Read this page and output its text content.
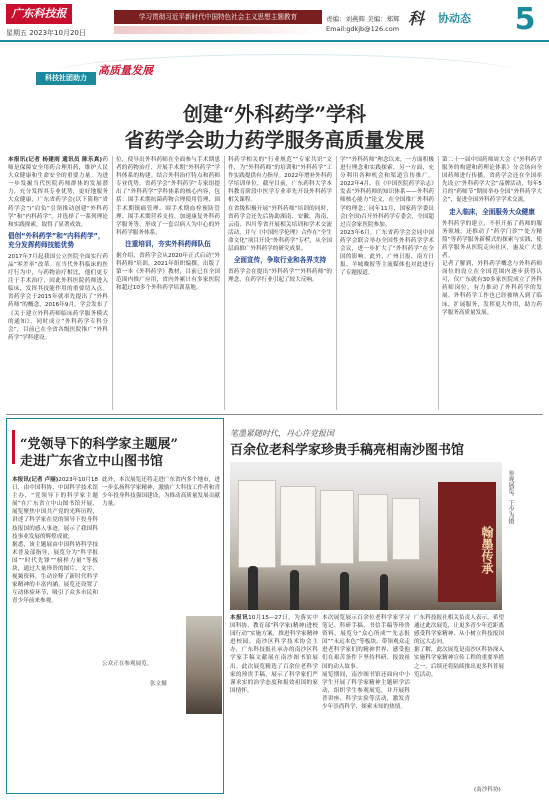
广东科技报
星期五 2023年10月20日
学习贯彻习近平新时代中国特色社会主义思想主题教育	责编：刘燕辉 美编：郑辉
Email:gdkjb@126.com
科 协动态	5
科技社团助力
高质量发展
创建“外科药学”学科
省药学会助力药学服务高质量发展

本报讯(记者 杨建雨 通讯员 陈乐真)药师是保障安全用药合理用药，维护人民大众健康和生命安全的重要力量。为进一步发掘当代医院药师群体的发展潜力，充分发挥其专业优势，更好地服务大众健康，广东省药学会(以下简称“省药学会”)“肩负”引领推动创建“外科药学”和“内科药学”，并选择了一系列理论和实践探索，取得了显著成效。

倡创“外科药学”和“内科药学”，充分发挥药师技能优势

2017年7月起我国公立医院全面实行药品“零差率”改革。在当代外科临床的医疗行为中，与药物治疗相比，他们更专注于手术治疗，因此外科医院药师进入临床，发挥其技能作用的重要切入点。省药学会于2015年就率先提出了“外科药师”的概念，2016年9月，学会发布了《关于建立外科药师临床药学服务模式的通知》，同时成立“外科药学专科分会”，目前已在全省各级医院推广“外科药学”学科建设。

位，使导出外科药师在全面参与手术期患者的药物治疗、开展手术期“外科药学”学科体系的构建。结合外科治疗特点和药师专业优势，省药学会“外科药学”专家组提出了“外科药学”学科体系的核心内容，包括：围手术期抗菌药物合理使用管理、围手术期镇痛管理、围手术期血栓预防管理、围手术期营养支持、加速康复外科药学服务等，形成了一套以病人为中心的外科药学服务体系。

注重培训，夯实外科药师队伍

据介绍，省药学会从2020年正式启动“外科药师”培训，2021年组织编撰，出版了第一本《外科药学》教材，目前已在全国范围内推广应用，省内外累计有多家医院和超过10多个外科药学培训基地。

科药学相关的“行业规范”“专家共识”文件，为“外科药师”的培训和“外科药学”工作实践提供有力指导。2022年增补外科药学培训单位，截至目前，广东药科大学本科教育阶段中医学专业率先开设外科药学相关课程。

在省级积极开展“外科药师”培训的同时，省药学会还先后协助湖南、安徽、海南、云南、四川等省开展相关培训和学术交流活动，并与《中国医学伦理》合作在“全生命文化”项目开设“外科药学”专栏，从全国层面推广外科药学的研究成果。

全面宣传，争取行业和各界支持

省药学会在提出“外科药学”“外科药师”的理念，在药学行业引起了较大反响。

学”“外科药师”理念以来，一方面积极进行理念和实践探索，另一方面，充分利用各种机会和渠道宣传推广。2022年4月，在《中国医院药学杂志》发表“外科药师的知识体系——外科药师核心能力”论文，在全国推广外科药学的理念；同年11月，国家药学委员会(全国)召开外科药学专委会，全国超过百余家医院参加。

2023年6月，广东省药学会会同中国药学会联合举办全国性外科药学学术会议，进一步扩大了“外科药学”在全国的影响。此外，广州日报、南方日报、羊城晚报等主流媒体也对此进行了专题报道。

第二十一届中国药师周大会《“外科药学服务的构建和药理论体系》分会场向全国药师进行传播。省药学会还在全国率先设立“外科药学大会”品牌活动，每年5月的“药师节”期间举办全国“外科药学大会”，促进全国外科药学学术交流。

走入临床，全面服务大众健康

外科药学的建立，不但开拓了药师的服务领域，还推动了“药学门诊”“处方精简”等药学服务新模式的探索与实践，使药学服务从医院走向社区，惠及广大患者。

记者了解到，外科药学概念与外科药师岗位的设立在全国范围内逐步获得认可，仅广东就有30多家医院成立了外科药师岗位，有力推动了外科药学的发展。外科药学工作也已经被纳入到了临床、扩展服务，发挥更大作用，助力药学服务高质量发展。

“党领导下的科学家主题展”
走进广东省立中山图书馆

本报讯(记者 卢丽)2023年10月18日，由中国科协、中国科学技术馆主办，“党领导下的科学家主题展”在广东省立中山图书馆开展，展览聚焦中国共产党的光辉历程，讲述了科学家在党的领导下投身科技报国的感人事迹，展示了我国科技事业发展的辉煌成就。

据悉，该主题展由中国科协科学技术普及部指导，展览分为“科学报国”“时代先锋”“榜样力量”等板块，通过大量珍贵的图片、文字、视频资料，生动诠释了新时代科学家精神的丰富内涵。展览还设置了互动体验环节，吸引了众多市民和青少年前来参观。

此外，本次展览还将走进广东省内多个地市，进一步弘扬科学家精神，激励广大科技工作者和青少年投身科技强国建设，为推动高质量发展贡献力量。

公众正在参观展览。
张文摄
笔墨紧随时代，丹心许党报国
百余位老科学家珍贵手稿亮相南沙图书馆
翰墨传承
参观展览。王少为摄

本报讯10月15—27日，为落实中国科协、教育部“科学家(精神)进校园行动”实施方案，推进科学家精神进校园，南沙区科学技术协会主办，广东科技报社承办的南沙区科学家手稿文献展在南沙图书馆展出。此次展览精选了百余位老科学家的珍贵手稿，展示了科学家们严谨求实的治学态度和报效祖国的家国情怀。

本次展览展示百余位老科学家学习笔记、科研手稿、书信手稿等珍贵资料。展览分“众心所成”“先志报国”“永远本色”等板块，带领观众走进老科学家们的精神世界，感受他们在艰苦条件下坚持科研、报效祖国的动人故事。

展览期间，南沙图书馆还面向中小学生开展了科学家精神主题研学活动，组织学生参观展览，并开展科普讲座、科学实验等活动，激发青少年崇尚科学、探索未知的热情。

广东科技报社相关负责人表示，希望通过此次展览，让更多青少年近距离感受科学家精神，从小树立科技报国的远大志向。

据了解，此次展览是南沙区科协深入实施科学家精神宣传工程的重要举措之一，后续还将陆续推出更多科普展览活动。

(南沙科协)
